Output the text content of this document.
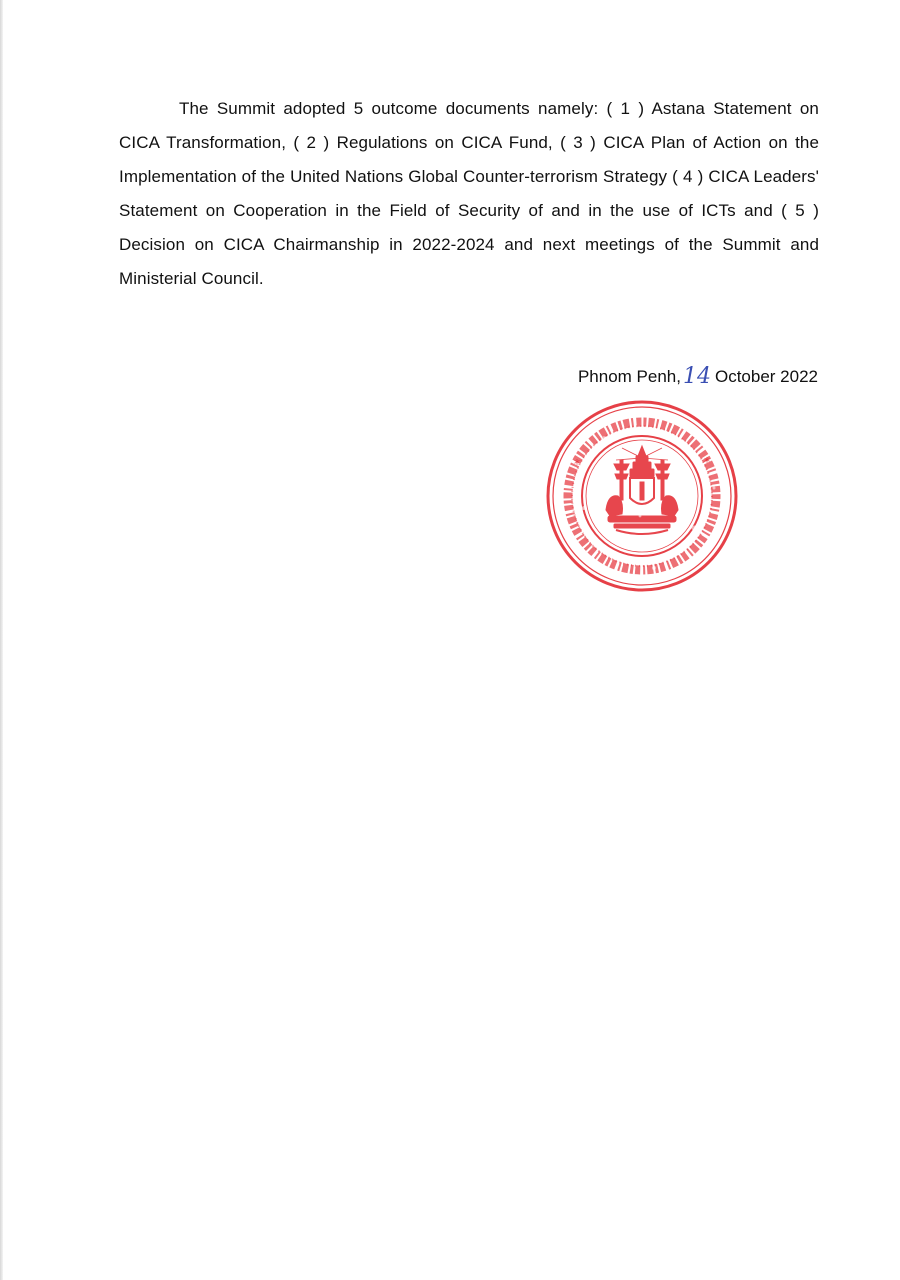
The Summit adopted 5 outcome documents namely: ( 1 ) Astana Statement on CICA Transformation, ( 2 ) Regulations on CICA Fund, ( 3 ) CICA Plan of Action on the Implementation of the United Nations Global Counter-terrorism Strategy ( 4 ) CICA Leaders' Statement on Cooperation in the Field of Security of and in the use of ICTs and ( 5 ) Decision on CICA Chairmanship in 2022-2024 and next meetings of the Summit and Ministerial Council.

Phnom Penh,14 October 2022
*	*
